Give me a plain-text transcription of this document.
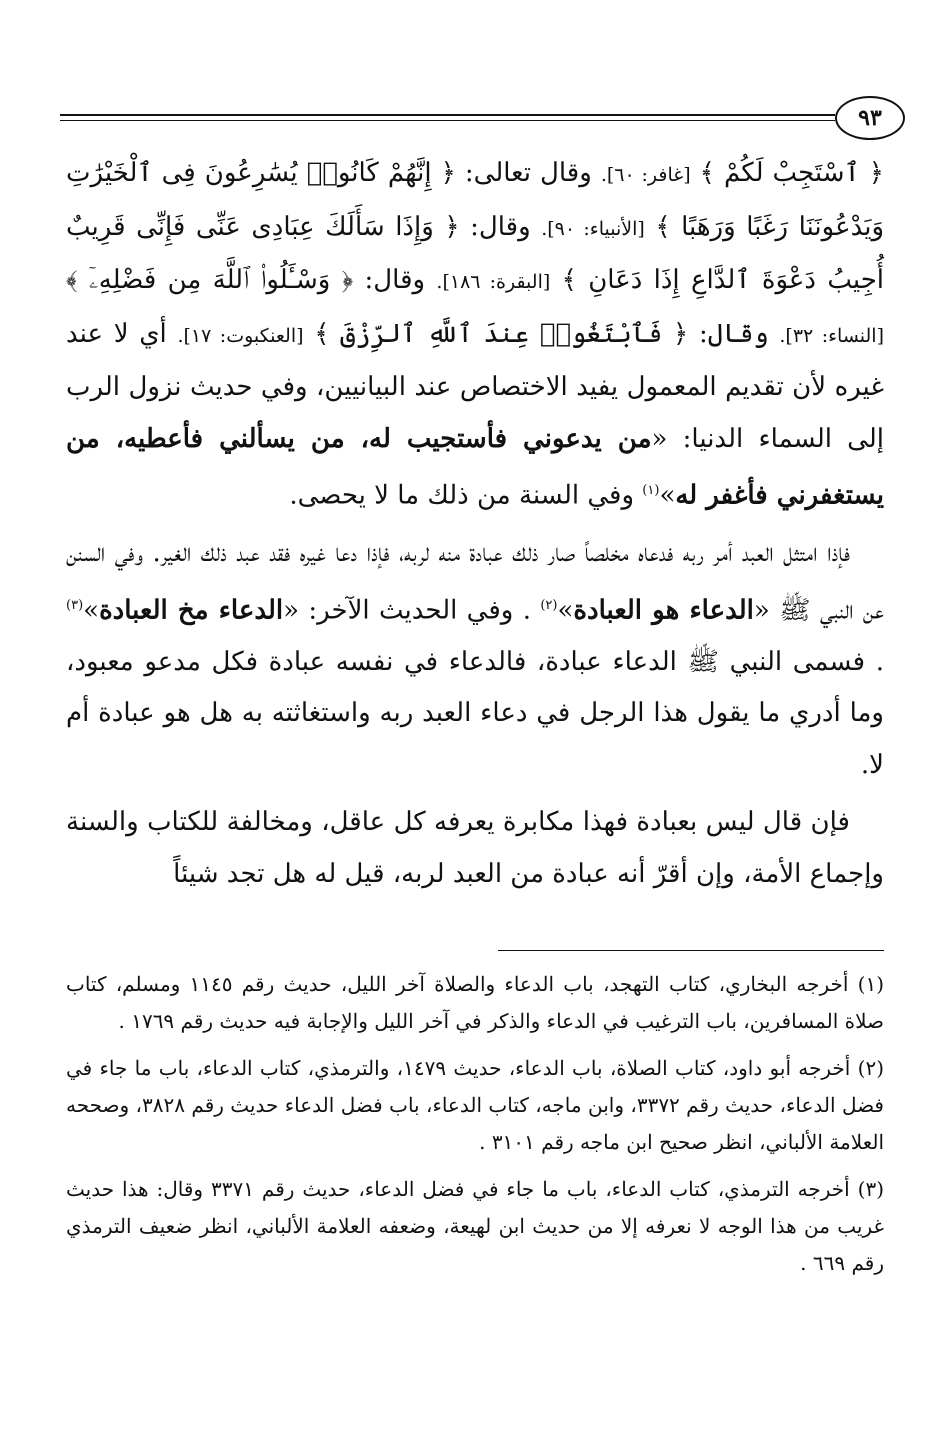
٩٣

﴿ ٱسْتَجِبْ لَكُمْ ﴾ [غافر: ٦٠]. وقال تعالى: ﴿ إِنَّهُمْ كَانُوا۟ يُسَٰرِعُونَ فِى ٱلْخَيْرَٰتِ وَيَدْعُونَنَا رَغَبًا وَرَهَبًا ﴾ [الأنبياء: ٩٠]. وقال: ﴿ وَإِذَا سَأَلَكَ عِبَادِى عَنِّى فَإِنِّى قَرِيبٌ أُجِيبُ دَعْوَةَ ٱلدَّاعِ إِذَا دَعَانِ ﴾ [البقرة: ١٨٦]. وقال: ﴿ وَسْـَٔلُوا۟ ٱللَّهَ مِن فَضْلِهِۦٓ ﴾ [النساء: ٣٢]. وقال: ﴿ فَٱبْتَغُوا۟ عِندَ ٱللَّهِ ٱلرِّزْقَ ﴾ [العنكبوت: ١٧]. أي لا عند غيره لأن تقديم المعمول يفيد الاختصاص عند البيانيين، وفي حديث نزول الرب إلى السماء الدنيا: «من يدعوني فأستجيب له، من يسألني فأعطيه، من يستغفرني فأغفر له»$^{(١)}$ وفي السنة من ذلك ما لا يحصى.

فإذا امتثل العبد أمر ربه فدعاه مخلصاً صار ذلك عبادة منه لربه، فإذا دعا غيره فقد عبد ذلك الغير. وفي السنن عن النبي ﷺ «الدعاء هو العبادة»$^{(٢)}$ . وفي الحديث الآخر: «الدعاء مخ العبادة»$^{(٣)}$ . فسمى النبي ﷺ الدعاء عبادة، فالدعاء في نفسه عبادة فكل مدعو معبود، وما أدري ما يقول هذا الرجل في دعاء العبد ربه واستغاثته به هل هو عبادة أم لا.

فإن قال ليس بعبادة فهذا مكابرة يعرفه كل عاقل، ومخالفة للكتاب والسنة وإجماع الأمة، وإن أقرّ أنه عبادة من العبد لربه، قيل له هل تجد شيئاً

(١) أخرجه البخاري، كتاب التهجد، باب الدعاء والصلاة آخر الليل، حديث رقم ١١٤٥ ومسلم، كتاب صلاة المسافرين، باب الترغيب في الدعاء والذكر في آخر الليل والإجابة فيه حديث رقم ١٧٦٩ .

(٢) أخرجه أبو داود، كتاب الصلاة، باب الدعاء، حديث ١٤٧٩، والترمذي، كتاب الدعاء، باب ما جاء في فضل الدعاء، حديث رقم ٣٣٧٢، وابن ماجه، كتاب الدعاء، باب فضل الدعاء حديث رقم ٣٨٢٨، وصححه العلامة الألباني، انظر صحيح ابن ماجه رقم ٣١٠١ .

(٣) أخرجه الترمذي، كتاب الدعاء، باب ما جاء في فضل الدعاء، حديث رقم ٣٣٧١ وقال: هذا حديث غريب من هذا الوجه لا نعرفه إلا من حديث ابن لهيعة، وضعفه العلامة الألباني، انظر ضعيف الترمذي رقم ٦٦٩ .
